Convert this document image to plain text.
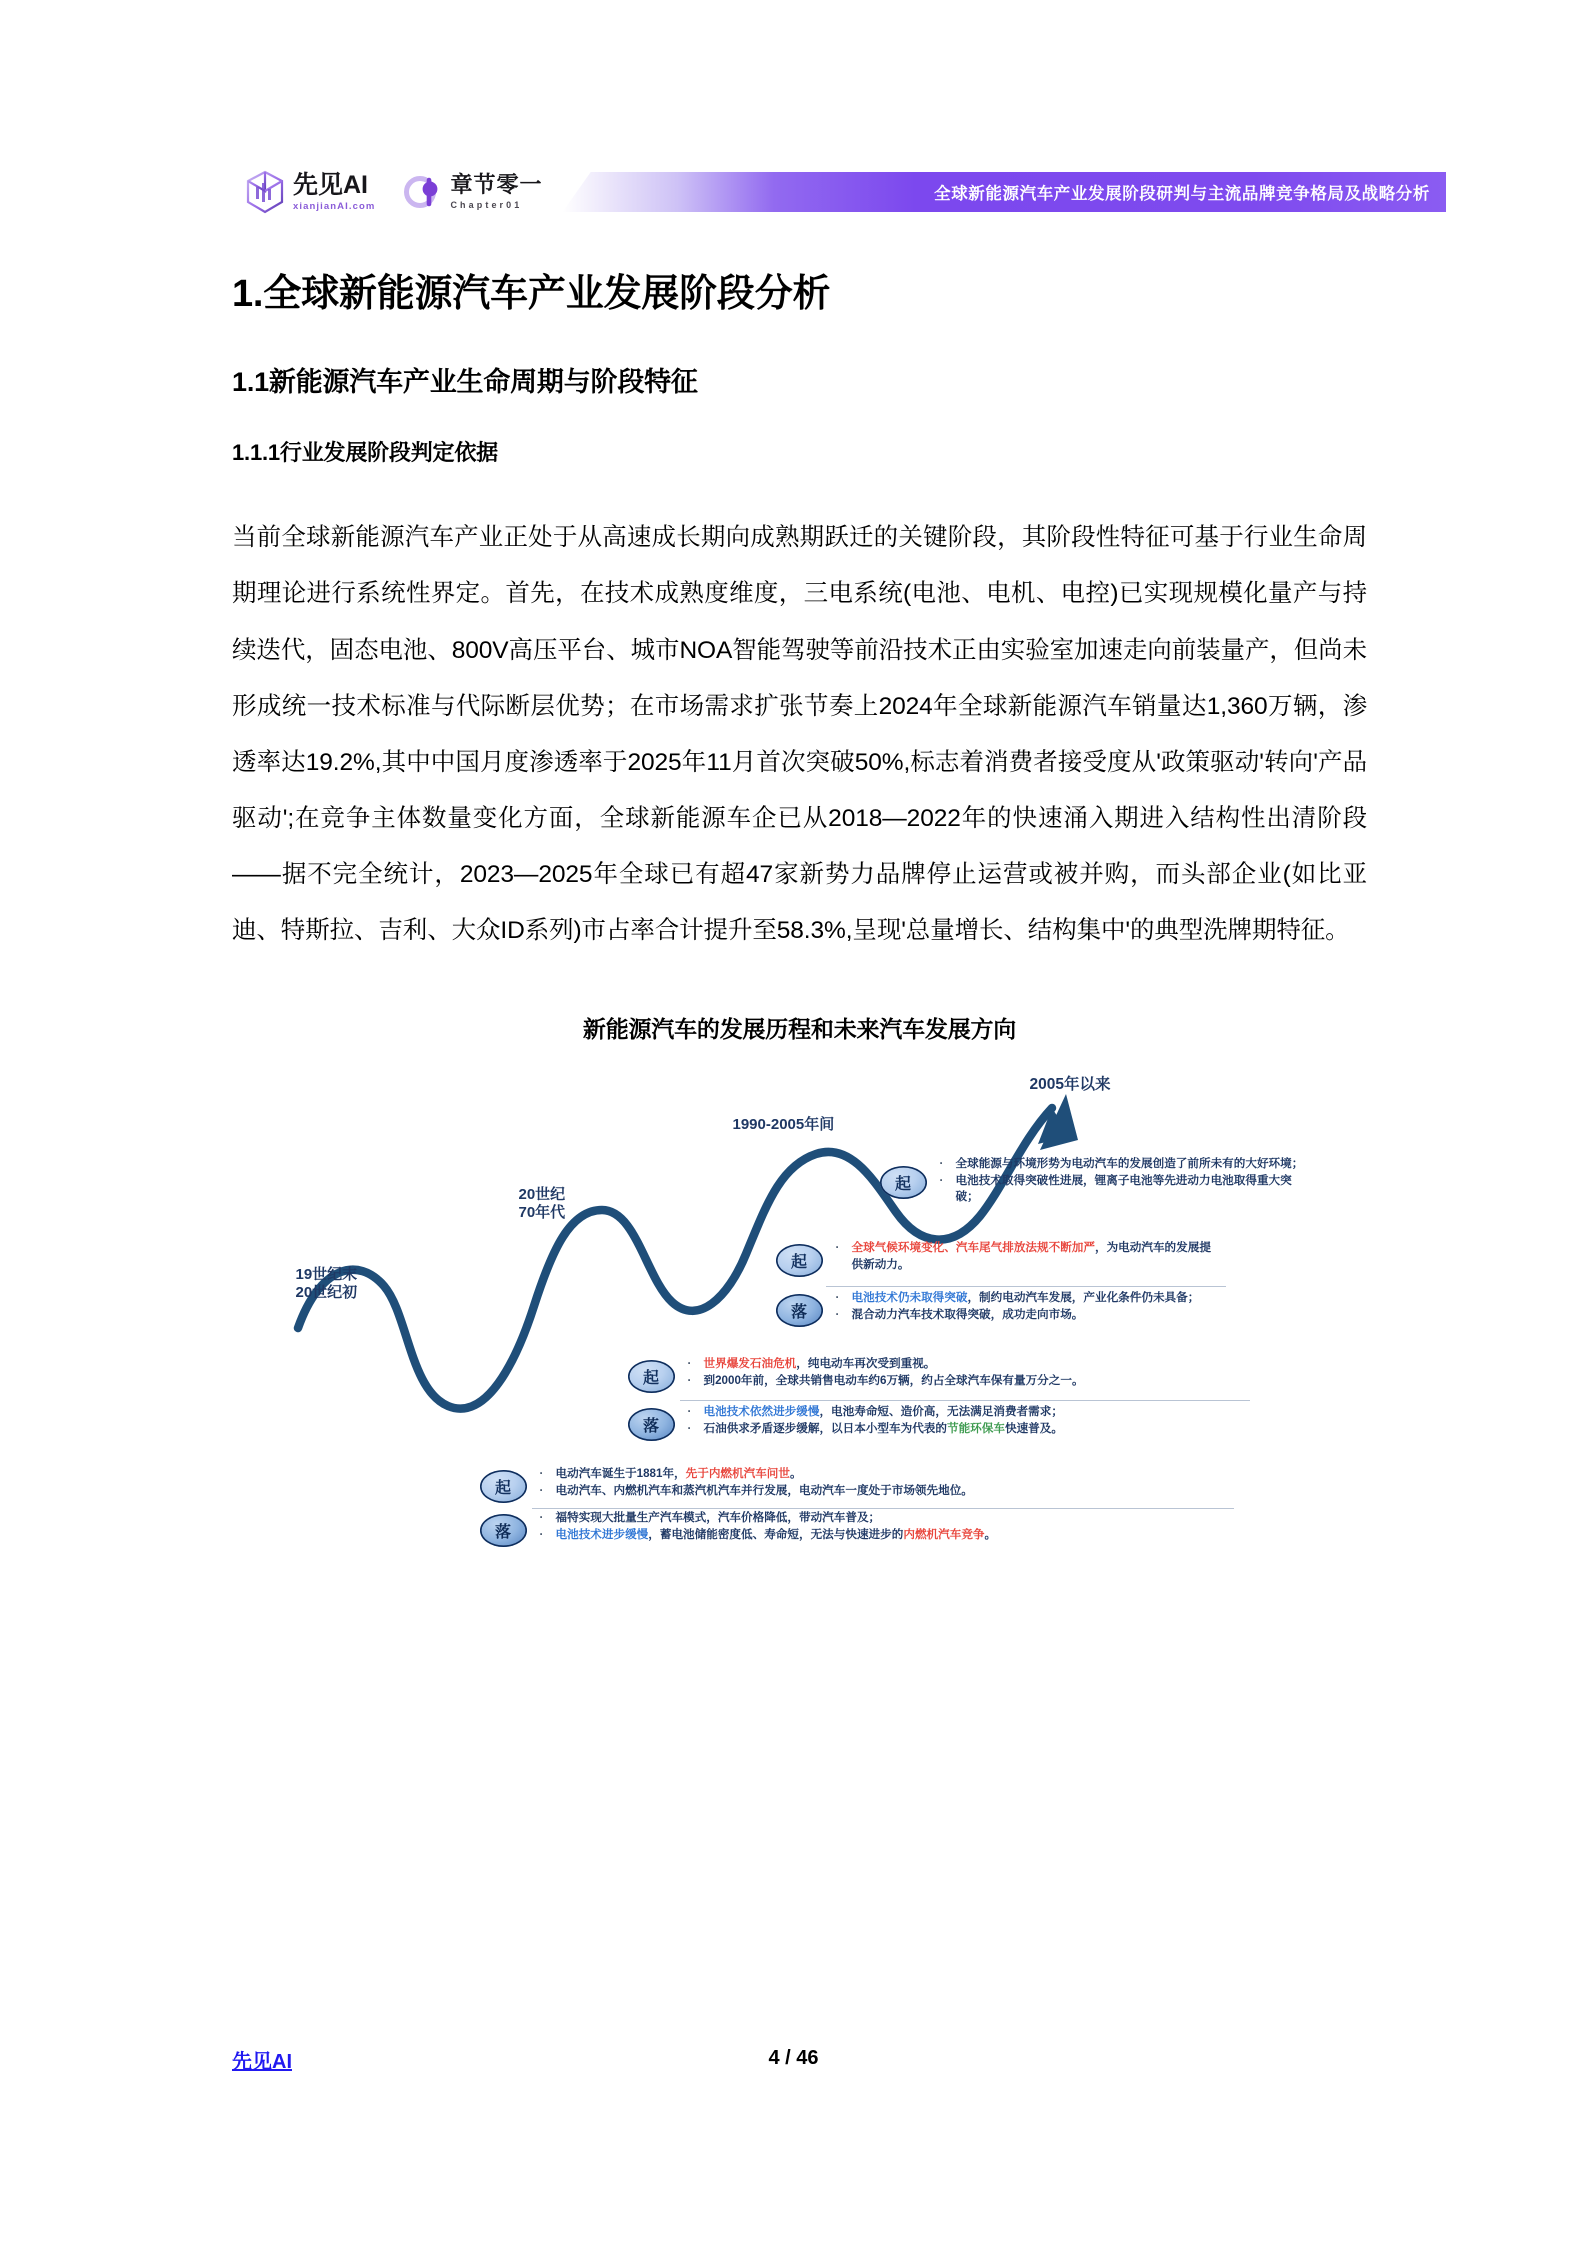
先见AI
xianjianAI.com
章节零一
Chapter01
全球新能源汽车产业发展阶段研判与主流品牌竞争格局及战略分析
1.全球新能源汽车产业发展阶段分析
1.1新能源汽车产业生命周期与阶段特征
1.1.1行业发展阶段判定依据

当前全球新能源汽车产业正处于从高速成长期向成熟期跃迁的关键阶段，其阶段性特征可基于行业生命周期理论进行系统性界定。首先，在技术成熟度维度，三电系统(电池、电机、电控)已实现规模化量产与持续迭代，固态电池、800V高压平台、城市NOA智能驾驶等前沿技术正由实验室加速走向前装量产，但尚未形成统一技术标准与代际断层优势；在市场需求扩张节奏上2024年全球新能源汽车销量达1,360万辆，渗透率达19.2%,其中中国月度渗透率于2025年11月首次突破50%,标志着消费者接受度从'政策驱动'转向'产品驱动';在竞争主体数量变化方面，全球新能源车企已从2018—2022年的快速涌入期进入结构性出清阶段——据不完全统计，2023—2025年全球已有超47家新势力品牌停止运营或被并购，而头部企业(如比亚迪、特斯拉、吉利、大众ID系列)市占率合计提升至58.3%,呈现'总量增长、结构集中'的典型洗牌期特征。

新能源汽车的发展历程和未来汽车发展方向
19世纪末
20世纪初
20世纪
70年代
1990-2005年间
2005年以来
起
·	全球能源与环境形势为电动汽车的发展创造了前所未有的大好环境；
·	电池技术取得突破性进展，锂离子电池等先进动力电池取得重大突破；
起
·	全球气候环境变化、汽车尾气排放法规不断加严，为电动汽车的发展提供新动力。
落
·	电池技术仍未取得突破，制约电动汽车发展，产业化条件仍未具备；
·	混合动力汽车技术取得突破，成功走向市场。
起
·	世界爆发石油危机，纯电动车再次受到重视。
·	到2000年前，全球共销售电动车约6万辆，约占全球汽车保有量万分之一。
落
·	电池技术依然进步缓慢，电池寿命短、造价高，无法满足消费者需求；
·	石油供求矛盾逐步缓解，以日本小型车为代表的节能环保车快速普及。
起
·	电动汽车诞生于1881年，先于内燃机汽车问世。
·	电动汽车、内燃机汽车和蒸汽机汽车并行发展，电动汽车一度处于市场领先地位。
落
·	福特实现大批量生产汽车模式，汽车价格降低，带动汽车普及；
·	电池技术进步缓慢，蓄电池储能密度低、寿命短，无法与快速进步的内燃机汽车竞争。
先见AI	4 / 46
